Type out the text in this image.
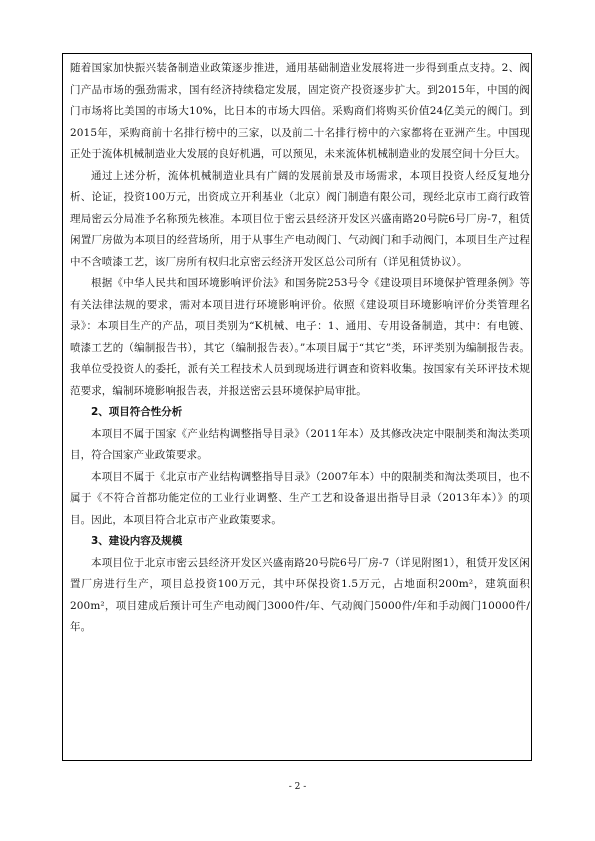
随着国家加快振兴装备制造业政策逐步推进，通用基础制造业发展将进一步得到重点支持。2、阀门产品市场的强劲需求，国有经济持续稳定发展，固定资产投资逐步扩大。到2015年，中国的阀门市场将比美国的市场大10%，比日本的市场大四倍。采购商们将购买价值24亿美元的阀门。到2015年，采购商前十名排行榜中的三家，以及前二十名排行榜中的六家都将在亚洲产生。中国现正处于流体机械制造业大发展的良好机遇，可以预见，未来流体机械制造业的发展空间十分巨大。

通过上述分析，流体机械制造业具有广阔的发展前景及市场需求，本项目投资人经反复地分析、论证，投资100万元，出资成立开利基业（北京）阀门制造有限公司，现经北京市工商行政管理局密云分局准予名称预先核准。本项目位于密云县经济开发区兴盛南路20号院6号厂房-7，租赁闲置厂房做为本项目的经营场所，用于从事生产电动阀门、气动阀门和手动阀门，本项目生产过程中不含喷漆工艺，该厂房所有权归北京密云经济开发区总公司所有（详见租赁协议）。

根据《中华人民共和国环境影响评价法》和国务院253号令《建设项目环境保护管理条例》等有关法律法规的要求，需对本项目进行环境影响评价。依照《建设项目环境影响评价分类管理名录》：本项目生产的产品，项目类别为“K机械、电子：1、通用、专用设备制造，其中：有电镀、喷漆工艺的（编制报告书），其它（编制报告表）。”本项目属于“其它”类，环评类别为编制报告表。我单位受投资人的委托，派有关工程技术人员到现场进行调查和资料收集。按国家有关环评技术规范要求，编制环境影响报告表，并报送密云县环境保护局审批。

2、项目符合性分析

本项目不属于国家《产业结构调整指导目录》（2011年本）及其修改决定中限制类和淘汰类项目，符合国家产业政策要求。

本项目不属于《北京市产业结构调整指导目录》（2007年本）中的限制类和淘汰类项目，也不属于《不符合首都功能定位的工业行业调整、生产工艺和设备退出指导目录（2013年本）》的项目。因此，本项目符合北京市产业政策要求。

3、建设内容及规模

本项目位于北京市密云县经济开发区兴盛南路20号院6号厂房-7（详见附图1），租赁开发区闲置厂房进行生产，项目总投资100万元，其中环保投资1.5万元，占地面积200m²，建筑面积200m²，项目建成后预计可生产电动阀门3000件/年、气动阀门5000件/年和手动阀门10000件/年。

- 2 -
